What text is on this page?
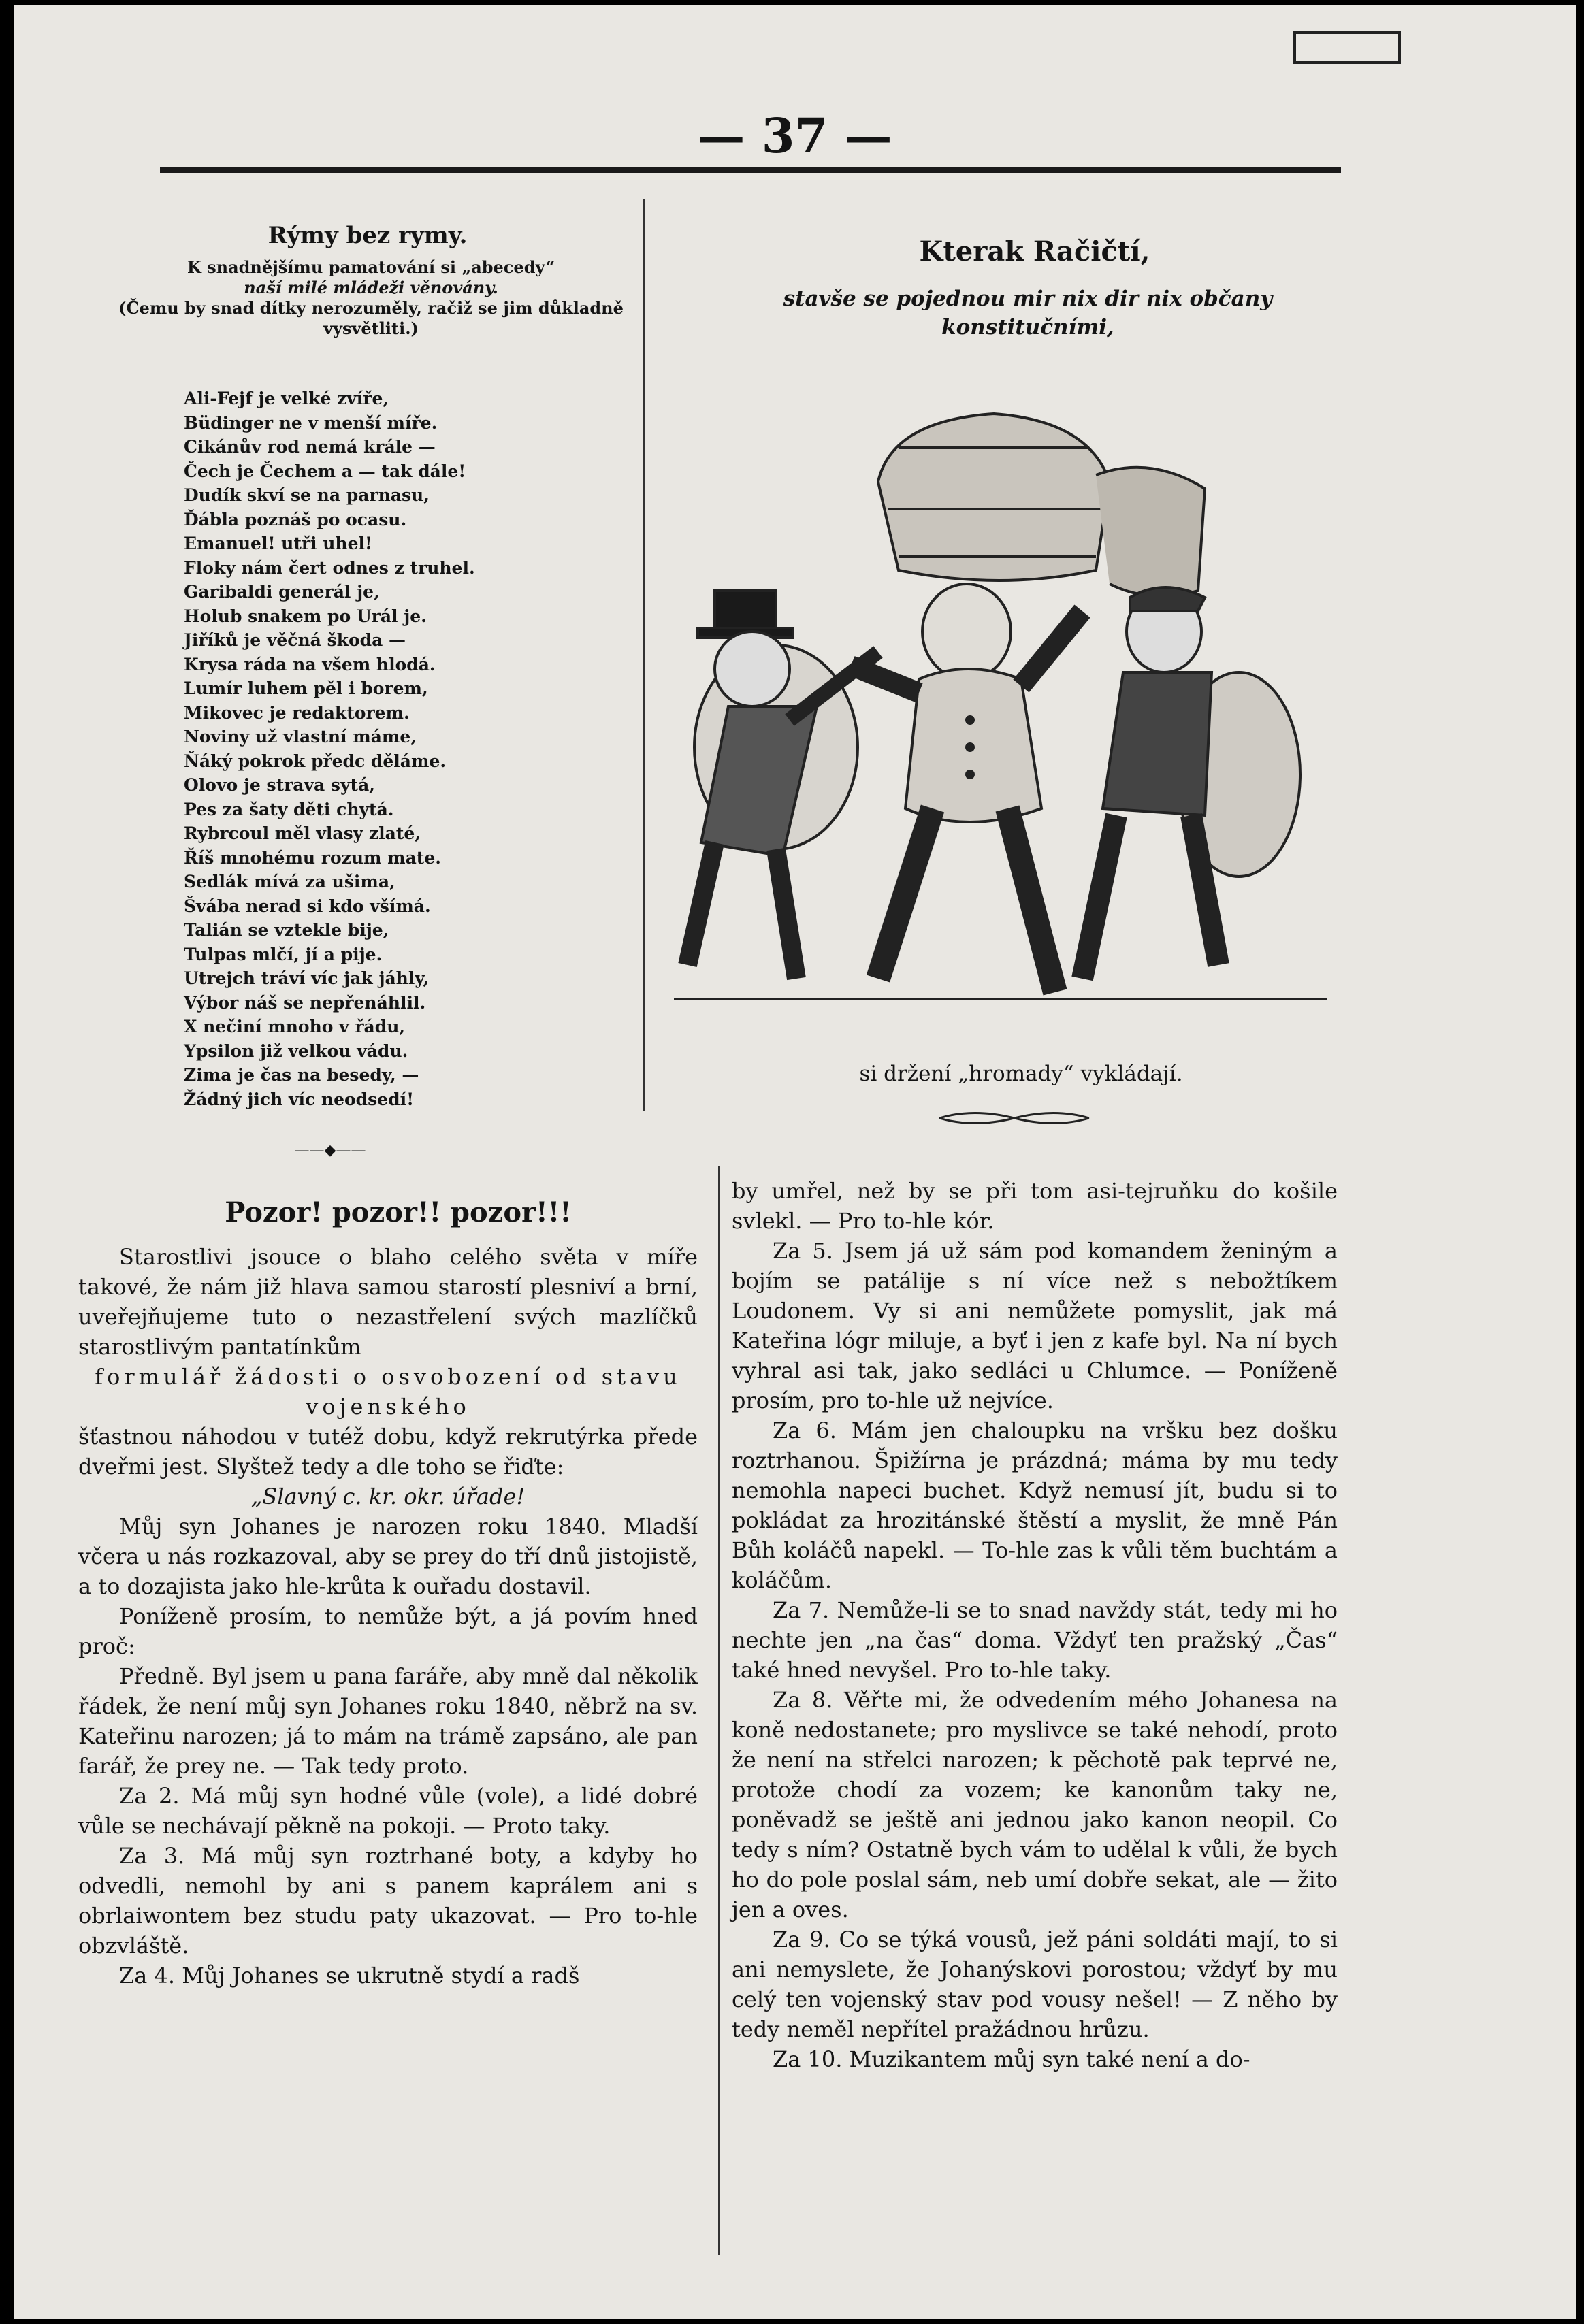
— 37 —
Rýmy bez rymy.
K snadnějšímu pamatování si „abecedy“
naší milé mládeži věnovány.
(Čemu by snad dítky nerozuměly, račiž se jim důkladně vysvětliti.)
Ali-Fejf je velké zvíře,
Büdinger ne v menší míře.
Cikánův rod nemá krále —
Čech je Čechem a — tak dále!
Dudík skví se na parnasu,
Ďábla poznáš po ocasu.
Emanuel! utři uhel!
Floky nám čert odnes z truhel.
Garibaldi generál je,
Holub snakem po Urál je.
Jiříků je věčná škoda —
Krysa ráda na všem hlodá.
Lumír luhem pěl i borem,
Mikovec je redaktorem.
Noviny už vlastní máme,
Ňáký pokrok předc děláme.
Olovo je strava sytá,
Pes za šaty děti chytá.
Rybrcoul měl vlasy zlaté,
Říš mnohému rozum mate.
Sedlák mívá za ušima,
Švába nerad si kdo všímá.
Talián se vztekle bije,
Tulpas mlčí, jí a pije.
Utrejch tráví víc jak jáhly,
Výbor náš se nepřenáhlil.
X nečiní mnoho v řádu,
Ypsilon již velkou vádu.
Zima je čas na besedy, —
Žádný jich víc neodsedí!
——◆——
Kterak Račičtí,
stavše se pojednou mir nix dir nix občany konstitučními,
si držení „hromady“ vykládají.
Pozor! pozor!! pozor!!!

Starostlivi jsouce o blaho celého světa v míře takové, že nám již hlava samou starostí plesniví a brní, uveřejňujeme tuto o nezastřelení svých mazlíčků starostlivým pantatínkům

formulář žádosti o osvobození od stavu vojenského

šťastnou náhodou v tutéž dobu, když rekrutýrka přede dveřmi jest. Slyštež tedy a dle toho se řiďte:

„Slavný c. kr. okr. úřade!

Můj syn Johanes je narozen roku 1840. Mladší včera u nás rozkazoval, aby se prey do tří dnů jistojistě, a to dozajista jako hle-krůta k ouřadu dostavil.

Poníženě prosím, to nemůže být, a já povím hned proč:

Předně. Byl jsem u pana faráře, aby mně dal několik řádek, že není můj syn Johanes roku 1840, něbrž na sv. Kateřinu narozen; já to mám na trámě zapsáno, ale pan farář, že prey ne. — Tak tedy proto.

Za 2. Má můj syn hodné vůle (vole), a lidé dobré vůle se nechávají pěkně na pokoji. — Proto taky.

Za 3. Má můj syn roztrhané boty, a kdyby ho odvedli, nemohl by ani s panem kaprálem ani s obrlaiwontem bez studu paty ukazovat. — Pro to-hle obzvláště.

Za 4. Můj Johanes se ukrutně stydí a radš

by umřel, než by se při tom asi-tejruňku do košile svlekl. — Pro to-hle kór.

Za 5. Jsem já už sám pod komandem ženiným a bojím se patálije s ní více než s nebožtíkem Loudonem. Vy si ani nemůžete pomyslit, jak má Kateřina lógr miluje, a byť i jen z kafe byl. Na ní bych vyhral asi tak, jako sedláci u Chlumce. — Poníženě prosím, pro to-hle už nejvíce.

Za 6. Mám jen chaloupku na vršku bez došku roztrhanou. Špižírna je prázdná; máma by mu tedy nemohla napeci buchet. Když nemusí jít, budu si to pokládat za hrozitánské štěstí a myslit, že mně Pán Bůh koláčů napekl. — To-hle zas k vůli těm buchtám a koláčům.

Za 7. Nemůže-li se to snad navždy stát, tedy mi ho nechte jen „na čas“ doma. Vždyť ten pražský „Čas“ také hned nevyšel. Pro to-hle taky.

Za 8. Věřte mi, že odvedením mého Johanesa na koně nedostanete; pro myslivce se také nehodí, proto že není na střelci narozen; k pěchotě pak teprvé ne, protože chodí za vozem; ke kanonům taky ne, poněvadž se ještě ani jednou jako kanon neopil. Co tedy s ním? Ostatně bych vám to udělal k vůli, že bych ho do pole poslal sám, neb umí dobře sekat, ale — žito jen a oves.

Za 9. Co se týká vousů, jež páni soldáti mají, to si ani nemyslete, že Johanýskovi porostou; vždyť by mu celý ten vojenský stav pod vousy nešel! — Z něho by tedy neměl nepřítel pražádnou hrůzu.

Za 10. Muzikantem můj syn také není a do-
